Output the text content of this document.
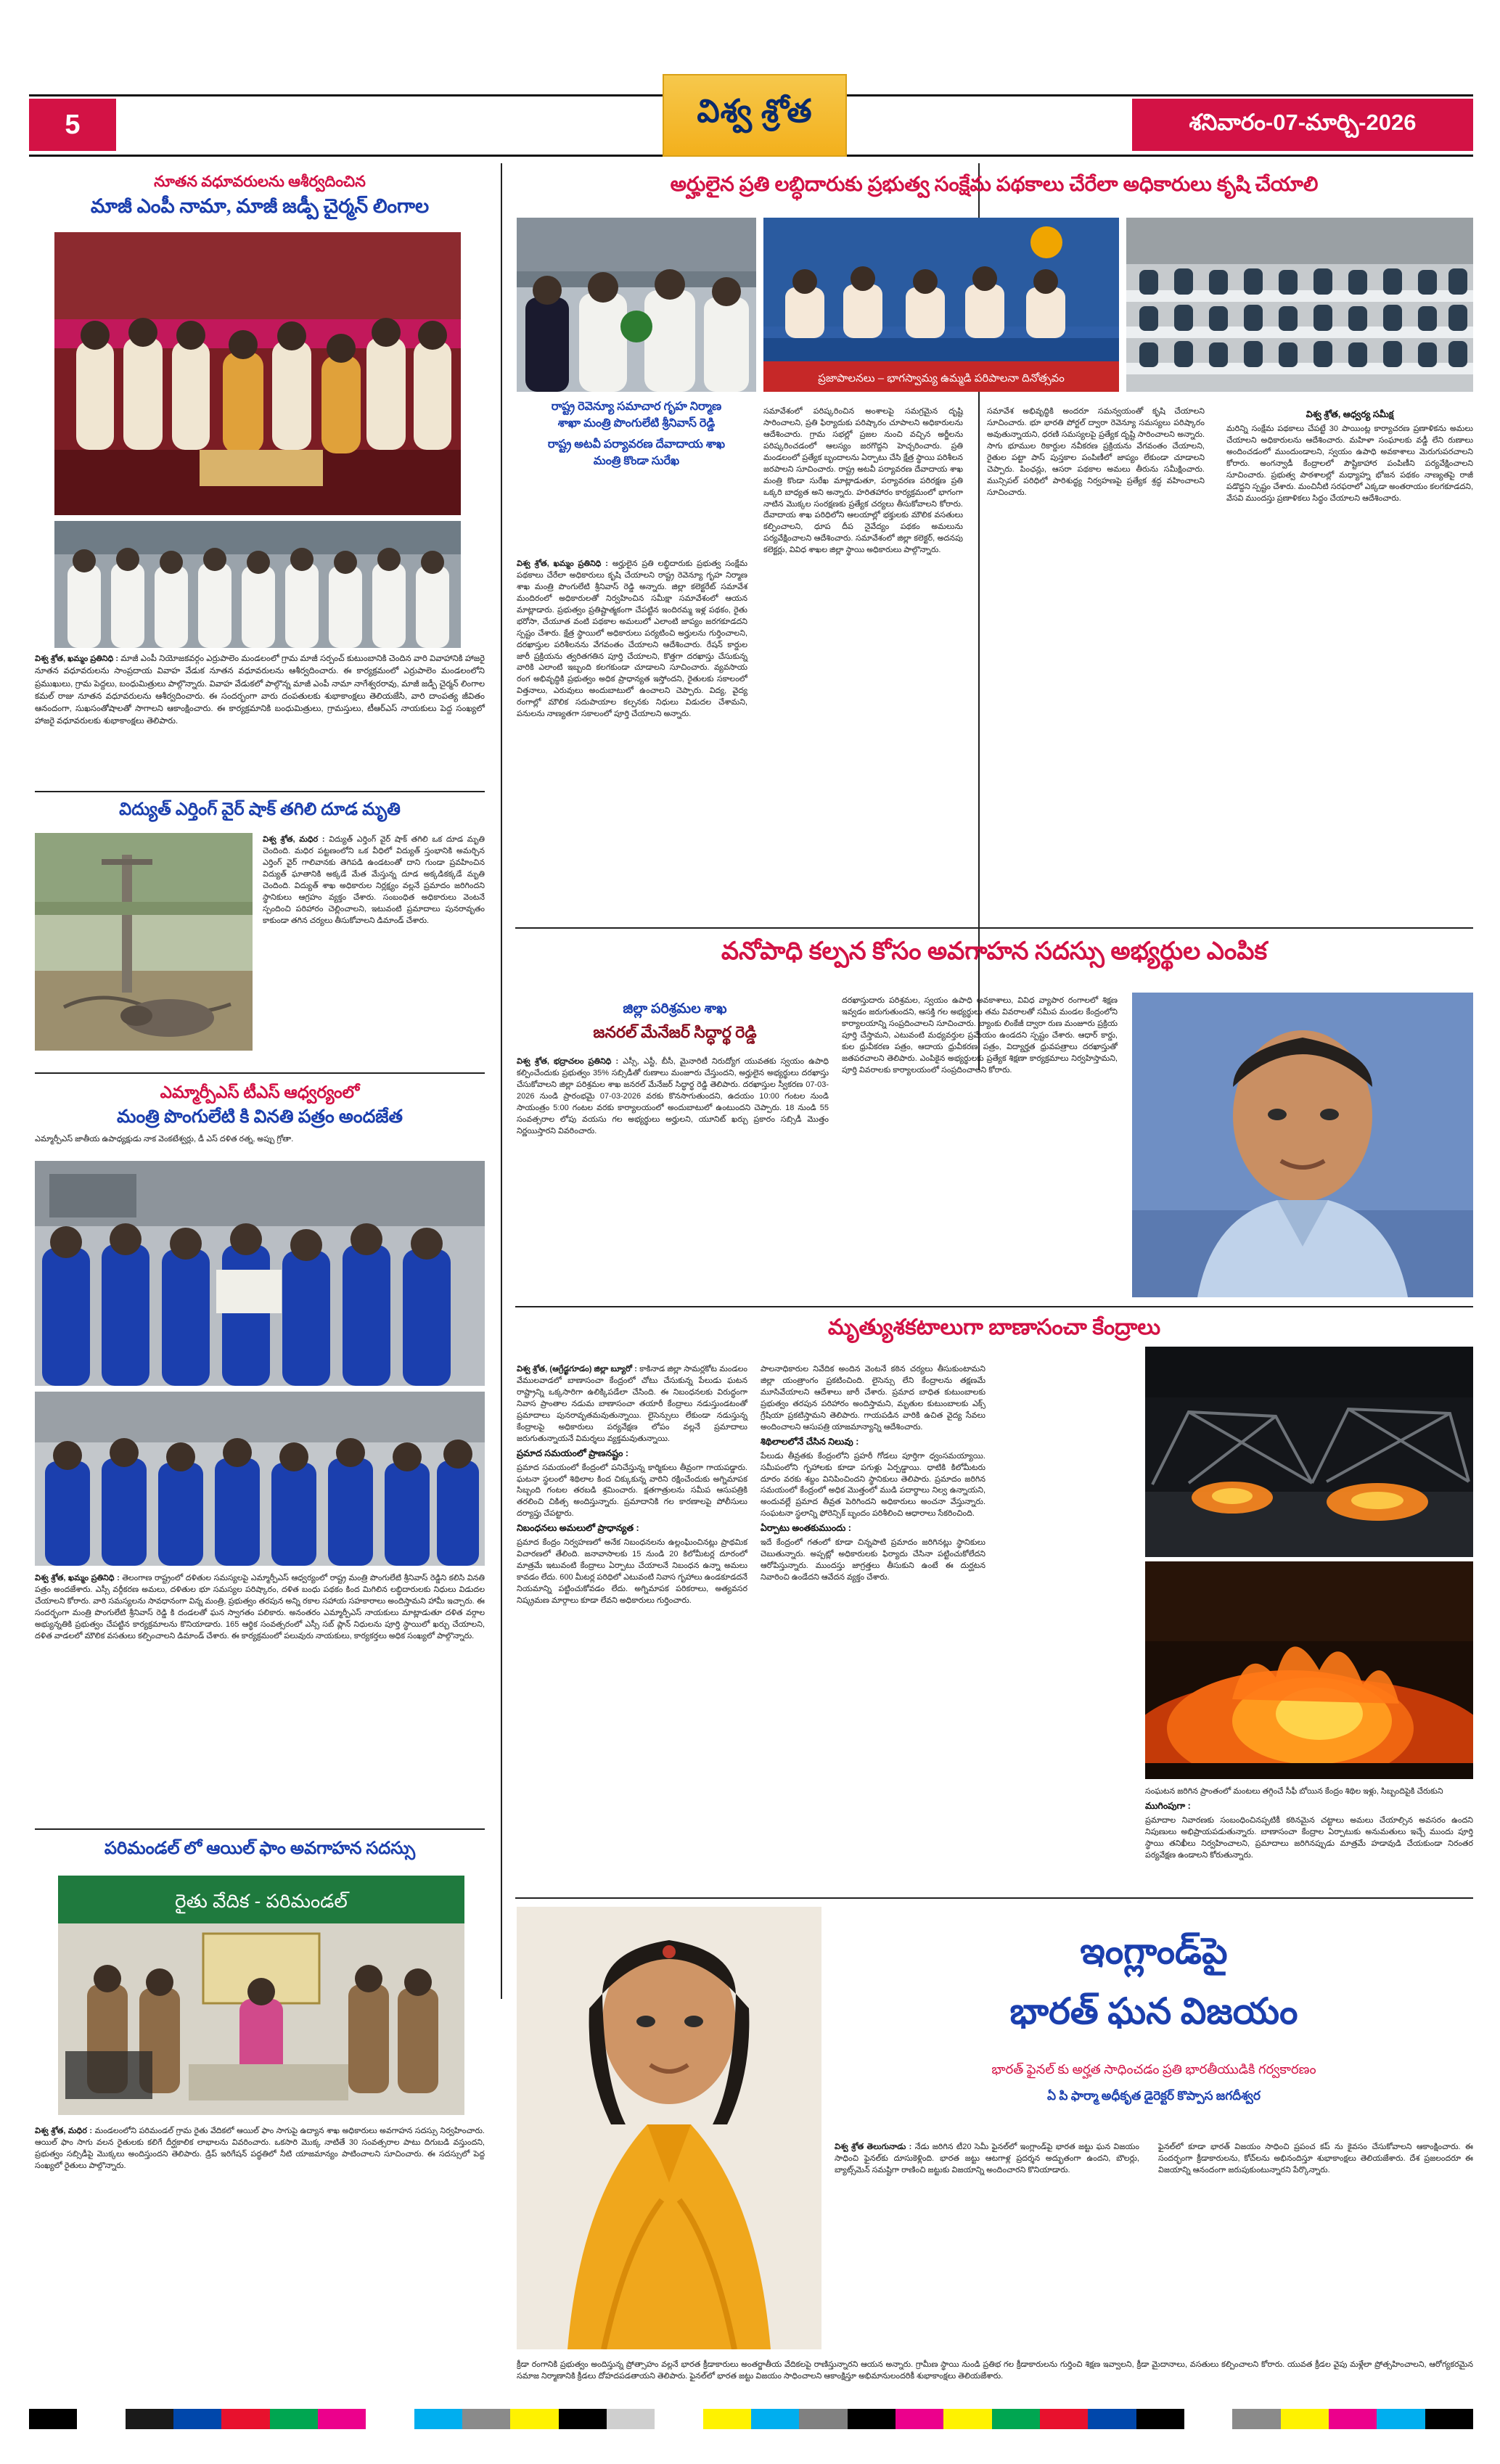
5	విశ్వ శ్రోత	శనివారం-07-మార్చి-2026
నూతన వధూవరులను ఆశీర్వదించిన
మాజీ ఎంపీ నామా, మాజీ జడ్పీ చైర్మన్ లింగాల

విశ్వ శ్రోత, ఖమ్మం ప్రతినిధి : మాజీ ఎంపీ నియోజకవర్గం ఎర్రుపాలెం మండలంలో గ్రామ మాజీ సర్పంచ్ కుటుంబానికి చెందిన వారి వివాహానికి హాజరై నూతన వధూవరులను సాంప్రదాయ వివాహ వేడుక నూతన వధూవరులను ఆశీర్వదించారు. ఈ కార్యక్రమంలో ఎర్రుపాలెం మండలంలోని ప్రముఖులు, గ్రామ పెద్దలు, బంధుమిత్రులు పాల్గొన్నారు. వివాహ వేడుకలో పాల్గొన్న మాజీ ఎంపీ నామా నాగేశ్వరరావు, మాజీ జడ్పీ చైర్మన్ లింగాల కమల్ రాజు నూతన వధూవరులను ఆశీర్వదించారు. ఈ సందర్భంగా వారు దంపతులకు శుభాకాంక్షలు తెలియజేసి, వారి దాంపత్య జీవితం ఆనందంగా, సుఖసంతోషాలతో సాగాలని ఆకాంక్షించారు. ఈ కార్యక్రమానికి బంధుమిత్రులు, గ్రామస్తులు, టీఆర్ఎస్ నాయకులు పెద్ద సంఖ్యలో హాజరై వధూవరులకు శుభాకాంక్షలు తెలిపారు.

విద్యుత్ ఎర్తింగ్ వైర్ షాక్ తగిలి దూడ మృతి

విశ్వ శ్రోత, మధిర : విద్యుత్ ఎర్తింగ్ వైర్ షాక్ తగిలి ఒక దూడ మృతి చెందింది. మధిర పట్టణంలోని ఒక వీధిలో విద్యుత్ స్తంభానికి అమర్చిన ఎర్తింగ్ వైర్ గాలివానకు తెగిపడి ఉండటంతో దాని గుండా ప్రవహించిన విద్యుత్ ఘాతానికి అక్కడే మేత మేస్తున్న దూడ అక్కడికక్కడే మృతి చెందింది. విద్యుత్ శాఖ అధికారుల నిర్లక్ష్యం వల్లనే ప్రమాదం జరిగిందని స్థానికులు ఆగ్రహం వ్యక్తం చేశారు. సంబంధిత అధికారులు వెంటనే స్పందించి పరిహారం చెల్లించాలని, ఇటువంటి ప్రమాదాలు పునరావృతం కాకుండా తగిన చర్యలు తీసుకోవాలని డిమాండ్ చేశారు.

ఎమ్మార్పీఎస్ టీఎస్ ఆధ్వర్యంలో
మంత్రి పొంగులేటి కి వినతి పత్రం అందజేత
ఎమ్మార్పీఎస్ జాతీయ ఉపాధ్యక్షుడు నాక వెంకటేశ్వర్లు, డీ ఎస్ దళిత రత్న, అప్పు గ్రోతా.

విశ్వ శ్రోత, ఖమ్మం ప్రతినిధి : తెలంగాణ రాష్ట్రంలో దళితుల సమస్యలపై ఎమ్మార్పీఎస్ ఆధ్వర్యంలో రాష్ట్ర మంత్రి పొంగులేటి శ్రీనివాస్ రెడ్డిని కలిసి వినతి పత్రం అందజేశారు. ఎస్సీ వర్గీకరణ అమలు, దళితుల భూ సమస్యల పరిష్కారం, దళిత బంధు పథకం కింద మిగిలిన లబ్ధిదారులకు నిధులు విడుదల చేయాలని కోరారు. వారి సమస్యలను సావధానంగా విన్న మంత్రి, ప్రభుత్వం తరపున అన్ని రకాల సహాయ సహకారాలు అందిస్తామని హామీ ఇచ్చారు. ఈ సందర్భంగా మంత్రి పొంగులేటి శ్రీనివాస్ రెడ్డి కి దండలతో ఘన స్వాగతం పలికారు. అనంతరం ఎమ్మార్పీఎస్ నాయకులు మాట్లాడుతూ దళిత వర్గాల అభ్యున్నతికి ప్రభుత్వం చేపట్టిన కార్యక్రమాలను కొనియాడారు. 165 ఆర్థిక సంవత్సరంలో ఎస్సీ సబ్ ప్లాన్ నిధులను పూర్తి స్థాయిలో ఖర్చు చేయాలని, దళిత వాడలలో మౌలిక వసతులు కల్పించాలని డిమాండ్ చేశారు. ఈ కార్యక్రమంలో పలువురు నాయకులు, కార్యకర్తలు అధిక సంఖ్యలో పాల్గొన్నారు.

పరిమండల్ లో ఆయిల్ ఫాం అవగాహన సదస్సు
రైతు వేదిక - పరిమండల్

విశ్వ శ్రోత, మధిర : మండలంలోని పరిమండల్ గ్రామ రైతు వేదికలో ఆయిల్ ఫాం సాగుపై ఉద్యాన శాఖ అధికారులు అవగాహన సదస్సు నిర్వహించారు. ఆయిల్ ఫాం సాగు వలన రైతులకు కలిగే దీర్ఘకాలిక లాభాలను వివరించారు. ఒకసారి మొక్క నాటితే 30 సంవత్సరాల పాటు దిగుబడి వస్తుందని, ప్రభుత్వం సబ్సిడీపై మొక్కలు అందిస్తుందని తెలిపారు. డ్రిప్ ఇరిగేషన్ పద్ధతిలో నీటి యాజమాన్యం పాటించాలని సూచించారు. ఈ సదస్సులో పెద్ద సంఖ్యలో రైతులు పాల్గొన్నారు.

అర్హులైన ప్రతి లబ్ధిదారుకు ప్రభుత్వ సంక్షేమ పథకాలు చేరేలా అధికారులు కృషి చేయాలి
ప్రజాపాలనలు – భాగస్వామ్య ఉమ్మడి పరిపాలనా దినోత్సవం
రాష్ట్ర రెవెన్యూ సమాచార గృహ నిర్మాణ
శాఖా మంత్రి పొంగులేటి శ్రీనివాస్ రెడ్డి
రాష్ట్ర అటవీ పర్యావరణ దేవాదాయ శాఖ
మంత్రి కొండా సురేఖ

విశ్వ శ్రోత, ఖమ్మం ప్రతినిధి : అర్హులైన ప్రతి లబ్ధిదారుకు ప్రభుత్వ సంక్షేమ పథకాలు చేరేలా అధికారులు కృషి చేయాలని రాష్ట్ర రెవెన్యూ గృహ నిర్మాణ శాఖ మంత్రి పొంగులేటి శ్రీనివాస్ రెడ్డి అన్నారు. జిల్లా కలెక్టరేట్ సమావేశ మందిరంలో అధికారులతో నిర్వహించిన సమీక్షా సమావేశంలో ఆయన మాట్లాడారు. ప్రభుత్వం ప్రతిష్టాత్మకంగా చేపట్టిన ఇందిరమ్మ ఇళ్ల పథకం, రైతు భరోసా, చేయూత వంటి పథకాల అమలులో ఎలాంటి జాప్యం జరగకూడదని స్పష్టం చేశారు. క్షేత్ర స్థాయిలో అధికారులు పర్యటించి అర్హులను గుర్తించాలని, దరఖాస్తుల పరిశీలనను వేగవంతం చేయాలని ఆదేశించారు. రేషన్ కార్డుల జారీ ప్రక్రియను త్వరితగతిన పూర్తి చేయాలని, కొత్తగా దరఖాస్తు చేసుకున్న వారికి ఎలాంటి ఇబ్బంది కలగకుండా చూడాలని సూచించారు. వ్యవసాయ రంగ అభివృద్ధికి ప్రభుత్వం అధిక ప్రాధాన్యత ఇస్తోందని, రైతులకు సకాలంలో విత్తనాలు, ఎరువులు అందుబాటులో ఉంచాలని చెప్పారు. విద్య, వైద్య రంగాల్లో మౌలిక సదుపాయాల కల్పనకు నిధులు విడుదల చేశామని, పనులను నాణ్యతగా సకాలంలో పూర్తి చేయాలని అన్నారు.

సమావేశంలో పరిష్కరించిన అంశాలపై సమగ్రమైన దృష్టి సారించాలని, ప్రతి ఫిర్యాదుకు పరిష్కారం చూపాలని అధికారులను ఆదేశించారు. గ్రామ సభల్లో ప్రజల నుంచి వచ్చిన అర్జీలను పరిష్కరించడంలో ఆలస్యం జరగొద్దని హెచ్చరించారు. ప్రతి మండలంలో ప్రత్యేక బృందాలను ఏర్పాటు చేసి క్షేత్ర స్థాయి పరిశీలన జరపాలని సూచించారు. రాష్ట్ర అటవీ పర్యావరణ దేవాదాయ శాఖ మంత్రి కొండా సురేఖ మాట్లాడుతూ, పర్యావరణ పరిరక్షణ ప్రతి ఒక్కరి బాధ్యత అని అన్నారు. హరితహారం కార్యక్రమంలో భాగంగా నాటిన మొక్కల సంరక్షణకు ప్రత్యేక చర్యలు తీసుకోవాలని కోరారు. దేవాదాయ శాఖ పరిధిలోని ఆలయాల్లో భక్తులకు మౌలిక వసతులు కల్పించాలని, ధూప దీప నైవేద్యం పథకం అమలును పర్యవేక్షించాలని ఆదేశించారు. సమావేశంలో జిల్లా కలెక్టర్, అదనపు కలెక్టర్లు, వివిధ శాఖల జిల్లా స్థాయి అధికారులు పాల్గొన్నారు.

సమావేశ అభివృద్ధికి అందరూ సమన్వయంతో కృషి చేయాలని సూచించారు. భూ భారతి పోర్టల్ ద్వారా రెవెన్యూ సమస్యలు పరిష్కారం అవుతున్నాయని, ధరణి సమస్యలపై ప్రత్యేక దృష్టి సారించాలని అన్నారు. సాగు భూముల రికార్డుల నవీకరణ ప్రక్రియను వేగవంతం చేయాలని, రైతుల పట్టా పాస్ పుస్తకాల పంపిణీలో జాప్యం లేకుండా చూడాలని చెప్పారు. పింఛన్లు, ఆసరా పథకాల అమలు తీరును సమీక్షించారు. మున్సిపల్ పరిధిలో పారిశుద్ధ్య నిర్వహణపై ప్రత్యేక శ్రద్ధ వహించాలని సూచించారు.

విశ్వ శ్రోత, ఆధ్వర్య సమీక్ష

మరిన్ని సంక్షేమ పథకాలు చేపట్టే 30 పాయింట్ల కార్యాచరణ ప్రణాళికను అమలు చేయాలని అధికారులను ఆదేశించారు. మహిళా సంఘాలకు వడ్డీ లేని రుణాలు అందించడంలో ముందుండాలని, స్వయం ఉపాధి అవకాశాలు మెరుగుపరచాలని కోరారు. అంగన్వాడీ కేంద్రాలలో పౌష్టికాహార పంపిణీని పర్యవేక్షించాలని సూచించారు. ప్రభుత్వ పాఠశాలల్లో మధ్యాహ్న భోజన పథకం నాణ్యతపై రాజీ పడొద్దని స్పష్టం చేశారు. మంచినీటి సరఫరాలో ఎక్కడా అంతరాయం కలగకూడదని, వేసవి ముందస్తు ప్రణాళికలు సిద్ధం చేయాలని ఆదేశించారు.

వనోపాధి కల్పన కోసం అవగాహన సదస్సు అభ్యర్థుల ఎంపిక
జిల్లా పరిశ్రమల శాఖ
జనరల్ మేనేజర్ సిద్ధార్థ రెడ్డి

విశ్వ శ్రోత, భద్రాచలం ప్రతినిధి : ఎస్సీ, ఎస్టీ, బీసీ, మైనారిటీ నిరుద్యోగ యువతకు స్వయం ఉపాధి కల్పించేందుకు ప్రభుత్వం 35% సబ్సిడీతో రుణాలు మంజూరు చేస్తుందని, అర్హులైన అభ్యర్థులు దరఖాస్తు చేసుకోవాలని జిల్లా పరిశ్రమల శాఖ జనరల్ మేనేజర్ సిద్ధార్థ రెడ్డి తెలిపారు. దరఖాస్తుల స్వీకరణ 07-03-2026 నుండి ప్రారంభమై 07-03-2026 వరకు కొనసాగుతుందని, ఉదయం 10:00 గంటల నుండి సాయంత్రం 5:00 గంటల వరకు కార్యాలయంలో అందుబాటులో ఉంటుందని చెప్పారు. 18 నుండి 55 సంవత్సరాల లోపు వయసు గల అభ్యర్థులు అర్హులని, యూనిట్ ఖర్చు ప్రకారం సబ్సిడీ మొత్తం నిర్ణయిస్తారని వివరించారు.

దరఖాస్తుదారు పరిశ్రమల, స్వయం ఉపాధి అవకాశాలు, వివిధ వ్యాపార రంగాలలో శిక్షణ ఇవ్వడం జరుగుతుందని, ఆసక్తి గల అభ్యర్థులు తమ వివరాలతో సమీప మండల కేంద్రంలోని కార్యాలయాన్ని సంప్రదించాలని సూచించారు. బ్యాంకు లింకేజీ ద్వారా రుణ మంజూరు ప్రక్రియ పూర్తి చేస్తామని, ఎటువంటి మధ్యవర్తుల ప్రమేయం ఉండదని స్పష్టం చేశారు. ఆధార్ కార్డు, కుల ధ్రువీకరణ పత్రం, ఆదాయ ధ్రువీకరణ పత్రం, విద్యార్హత ధ్రువపత్రాలు దరఖాస్తుతో జతపరచాలని తెలిపారు. ఎంపికైన అభ్యర్థులకు ప్రత్యేక శిక్షణా కార్యక్రమాలు నిర్వహిస్తామని, పూర్తి వివరాలకు కార్యాలయంలో సంప్రదించాలని కోరారు.

మృత్యుశకటాలుగా బాణాసంచా కేంద్రాలు

విశ్వ శ్రోత, (ఆగ్రేడ్ఖగూడం) జిల్లా బ్యూరో : కాకినాడ జిల్లా సామర్లకోట మండలం వేములవాడలో బాణాసంచా కేంద్రంలో చోటు చేసుకున్న పేలుడు ఘటన రాష్ట్రాన్ని ఒక్కసారిగా ఉలిక్కిపడేలా చేసింది. ఈ నిబంధనలకు విరుద్ధంగా నివాస ప్రాంతాల నడుమ బాణాసంచా తయారీ కేంద్రాలు నడుస్తుండటంతో ప్రమాదాలు పునరావృతమవుతున్నాయి. లైసెన్సులు లేకుండా నడుస్తున్న కేంద్రాలపై అధికారులు పర్యవేక్షణ లోపం వల్లనే ప్రమాదాలు జరుగుతున్నాయనే విమర్శలు వ్యక్తమవుతున్నాయి.

ప్రమాద సమయంలో ప్రాణనష్టం :

ప్రమాద సమయంలో కేంద్రంలో పనిచేస్తున్న కార్మికులు తీవ్రంగా గాయపడ్డారు. ఘటనా స్థలంలో శిథిలాల కింద చిక్కుకున్న వారిని రక్షించేందుకు అగ్నిమాపక సిబ్బంది గంటల తరబడి శ్రమించారు. క్షతగాత్రులను సమీప ఆసుపత్రికి తరలించి చికిత్స అందిస్తున్నారు. ప్రమాదానికి గల కారణాలపై పోలీసులు దర్యాప్తు చేపట్టారు.

నిబంధనలు అమలులో ప్రాధాన్యత :

ప్రమాద కేంద్రం నిర్వహణలో అనేక నిబంధనలను ఉల్లంఘించినట్లు ప్రాథమిక విచారణలో తేలింది. జనావాసాలకు 15 నుండి 20 కిలోమీటర్ల దూరంలో మాత్రమే ఇటువంటి కేంద్రాలు ఏర్పాటు చేయాలనే నిబంధన ఉన్నా అమలు కావడం లేదు. 600 మీటర్ల పరిధిలో ఎటువంటి నివాస గృహాలు ఉండకూడదనే నియమాన్ని పట్టించుకోవడం లేదు. అగ్నిమాపక పరికరాలు, అత్యవసర నిష్క్రమణ మార్గాలు కూడా లేవని అధికారులు గుర్తించారు.

పాలనాధికారుల నివేదిక అందిన వెంటనే కఠిన చర్యలు తీసుకుంటామని జిల్లా యంత్రాంగం ప్రకటించింది. లైసెన్సు లేని కేంద్రాలను తక్షణమే మూసివేయాలని ఆదేశాలు జారీ చేశారు. ప్రమాద బాధిత కుటుంబాలకు ప్రభుత్వం తరపున పరిహారం అందిస్తామని, మృతుల కుటుంబాలకు ఎక్స్ గ్రేషియా ప్రకటిస్తామని తెలిపారు. గాయపడిన వారికి ఉచిత వైద్య సేవలు అందించాలని ఆసుపత్రి యాజమాన్యాన్ని ఆదేశించారు.

శిథిలాలలోనే చేసిన నిలువు :

పేలుడు తీవ్రతకు కేంద్రంలోని ప్రహరీ గోడలు పూర్తిగా ధ్వంసమయ్యాయి. సమీపంలోని గృహాలకు కూడా పగుళ్లు ఏర్పడ్డాయి. ధాటికి కిలోమీటరు దూరం వరకు శబ్దం వినిపించిందని స్థానికులు తెలిపారు. ప్రమాదం జరిగిన సమయంలో కేంద్రంలో అధిక మొత్తంలో ముడి పదార్థాలు నిల్వ ఉన్నాయని, అందువల్లే ప్రమాద తీవ్రత పెరిగిందని అధికారులు అంచనా వేస్తున్నారు. సంఘటనా స్థలాన్ని ఫోరెన్సిక్ బృందం పరిశీలించి ఆధారాలు సేకరించింది.

ఏర్పాటు అంతకుముందు :

ఇదే కేంద్రంలో గతంలో కూడా చిన్నపాటి ప్రమాదం జరిగినట్లు స్థానికులు చెబుతున్నారు. అప్పట్లో అధికారులకు ఫిర్యాదు చేసినా పట్టించుకోలేదని ఆరోపిస్తున్నారు. ముందస్తు జాగ్రత్తలు తీసుకుని ఉంటే ఈ దుర్ఘటన నివారించి ఉండేదని ఆవేదన వ్యక్తం చేశారు.

సంఘటన జరిగిన ప్రాంతంలో మంటలు తగ్గించే సీఫీ బోయిన కేంద్రం శిథిల ఇళ్లు, సిబ్బందిపైకి చేరుకుని

ముగింపుగా :

ప్రమాదాల నివారణకు సంబంధించినప్పటికీ కఠినమైన చట్టాలు అమలు చేయాల్సిన అవసరం ఉందని నిపుణులు అభిప్రాయపడుతున్నారు. బాణాసంచా కేంద్రాల ఏర్పాటుకు అనుమతులు ఇచ్చే ముందు పూర్తి స్థాయి తనిఖీలు నిర్వహించాలని, ప్రమాదాలు జరిగినప్పుడు మాత్రమే హడావుడి చేయకుండా నిరంతర పర్యవేక్షణ ఉండాలని కోరుతున్నారు.

ఇంగ్లాండ్‌పై
భారత్ ఘన విజయం
భారత్ ఫైనల్ కు అర్హత సాధించడం ప్రతి భారతీయుడికి గర్వకారణం
ఏ పి ఫార్మా అధీకృత డైరెక్టర్ కొప్పాస జగదీశ్వర

విశ్వ శ్రోత తెలుగునాడు : నేడు జరిగిన టీ20 సెమీ ఫైనల్‌లో ఇంగ్లాండ్‌పై భారత జట్టు ఘన విజయం సాధించి ఫైనల్‌కు దూసుకెళ్లింది. భారత జట్టు ఆటగాళ్ల ప్రదర్శన అద్భుతంగా ఉందని, బౌలర్లు, బ్యాట్స్‌మెన్ సమష్టిగా రాణించి జట్టుకు విజయాన్ని అందించారని కొనియాడారు.

ఫైనల్‌లో కూడా భారత్ విజయం సాధించి ప్రపంచ కప్ ను కైవసం చేసుకోవాలని ఆకాంక్షించారు. ఈ సందర్భంగా క్రీడాకారులను, కోచ్‌లను అభినందిస్తూ శుభాకాంక్షలు తెలియజేశారు. దేశ ప్రజలందరూ ఈ విజయాన్ని ఆనందంగా జరుపుకుంటున్నారని పేర్కొన్నారు.

క్రీడా రంగానికి ప్రభుత్వం అందిస్తున్న ప్రోత్సాహం వల్లనే భారత క్రీడాకారులు అంతర్జాతీయ వేదికలపై రాణిస్తున్నారని ఆయన అన్నారు. గ్రామీణ స్థాయి నుండి ప్రతిభ గల క్రీడాకారులను గుర్తించి శిక్షణ ఇవ్వాలని, క్రీడా మైదానాలు, వసతులు కల్పించాలని కోరారు. యువత క్రీడల వైపు మళ్లేలా ప్రోత్సహించాలని, ఆరోగ్యకరమైన సమాజ నిర్మాణానికి క్రీడలు దోహదపడతాయని తెలిపారు. ఫైనల్‌లో భారత జట్టు విజయం సాధించాలని ఆకాంక్షిస్తూ అభిమానులందరికీ శుభాకాంక్షలు తెలియజేశారు.
